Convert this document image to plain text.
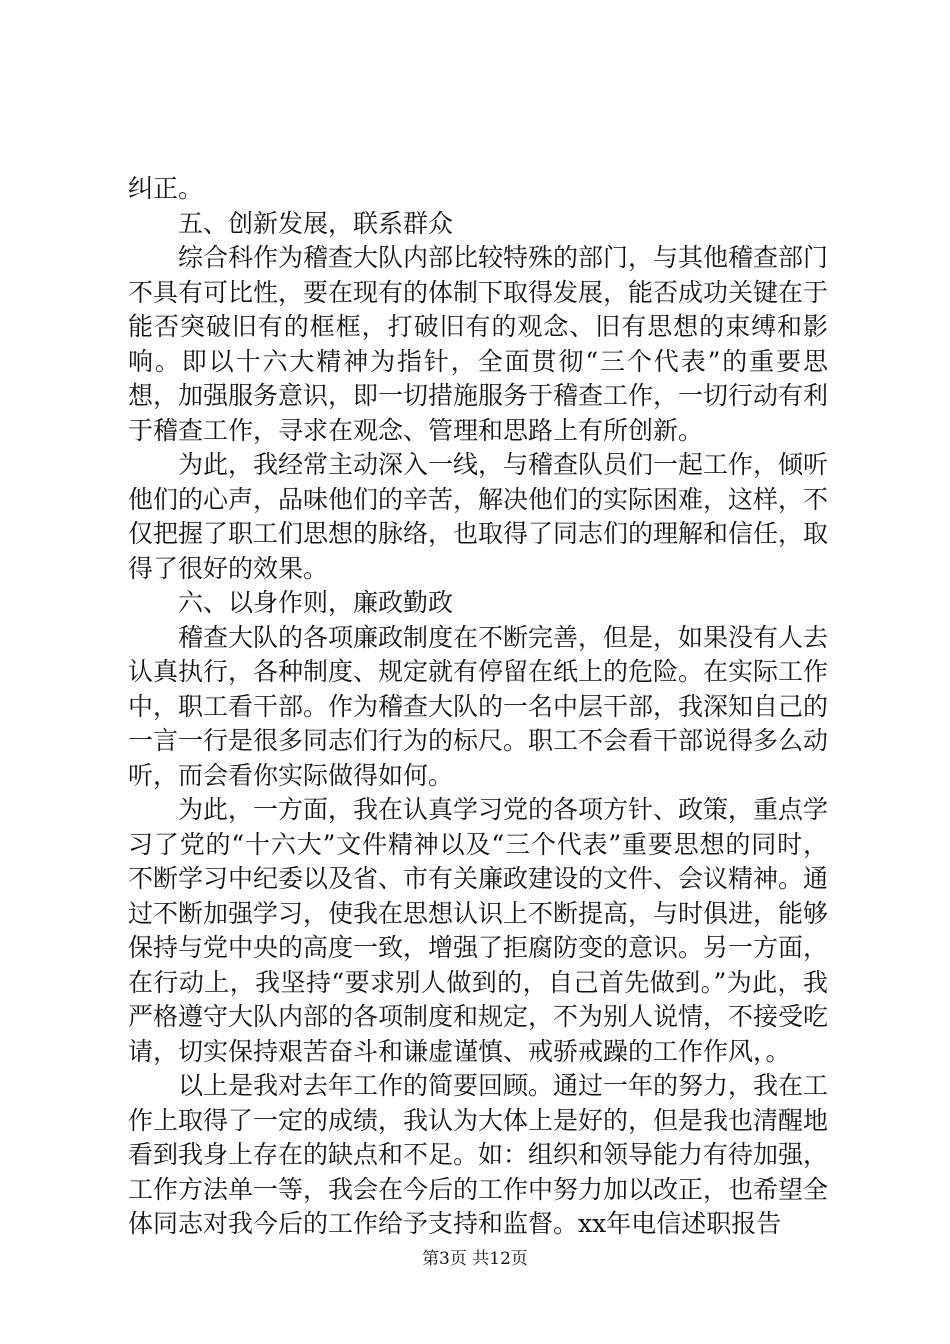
纠正。

五、创新发展，联系群众

综合科作为稽查大队内部比较特殊的部门，与其他稽查部门不具有可比性，要在现有的体制下取得发展，能否成功关键在于能否突破旧有的框框，打破旧有的观念、旧有思想的束缚和影响。即以十六大精神为指针，全面贯彻“三个代表”的重要思想，加强服务意识，即一切措施服务于稽查工作，一切行动有利于稽查工作，寻求在观念、管理和思路上有所创新。

为此，我经常主动深入一线，与稽查队员们一起工作，倾听他们的心声，品味他们的辛苦，解决他们的实际困难，这样，不仅把握了职工们思想的脉络，也取得了同志们的理解和信任，取得了很好的效果。

六、以身作则，廉政勤政

稽查大队的各项廉政制度在不断完善，但是，如果没有人去认真执行，各种制度、规定就有停留在纸上的危险。在实际工作中，职工看干部。作为稽查大队的一名中层干部，我深知自己的一言一行是很多同志们行为的标尺。职工不会看干部说得多么动听，而会看你实际做得如何。

为此，一方面，我在认真学习党的各项方针、政策，重点学习了党的“十六大”文件精神以及“三个代表”重要思想的同时，不断学习中纪委以及省、市有关廉政建设的文件、会议精神。通过不断加强学习，使我在思想认识上不断提高，与时俱进，能够保持与党中央的高度一致，增强了拒腐防变的意识。另一方面，在行动上，我坚持“要求别人做到的，自己首先做到。”为此，我严格遵守大队内部的各项制度和规定，不为别人说情，不接受吃请，切实保持艰苦奋斗和谦虚谨慎、戒骄戒躁的工作作风，。

以上是我对去年工作的简要回顾。通过一年的努力，我在工作上取得了一定的成绩，我认为大体上是好的，但是我也清醒地看到我身上存在的缺点和不足。如：组织和领导能力有待加强，工作方法单一等，我会在今后的工作中努力加以改正，也希望全体同志对我今后的工作给予支持和监督。xx年电信述职报告

第3页 共12页
